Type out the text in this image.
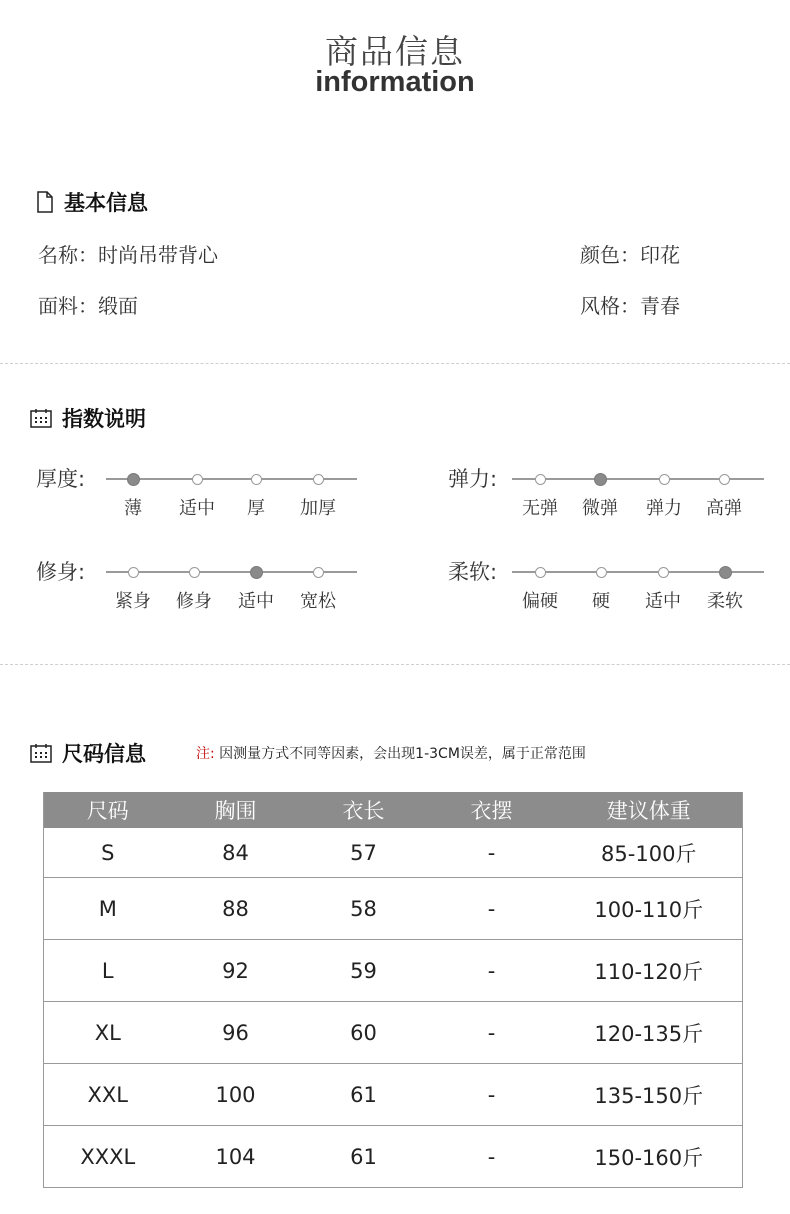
商品信息
information
基本信息
名称：时尚吊带背心	颜色：印花
面料：缎面	风格：青春
指数说明
厚度:
薄	适中	厚	加厚
弹力:
无弹	微弹	弹力	高弹
修身:
紧身	修身	适中	宽松
柔软:
偏硬	硬	适中	柔软
尺码信息	注: 因测量方式不同等因素，会出现1-3CM误差，属于正常范围
尺码	胸围	衣长	衣摆	建议体重
S	84	57	-	85-100斤
M	88	58	-	100-110斤
L	92	59	-	110-120斤
XL	96	60	-	120-135斤
XXL	100	61	-	135-150斤
XXXL	104	61	-	150-160斤
